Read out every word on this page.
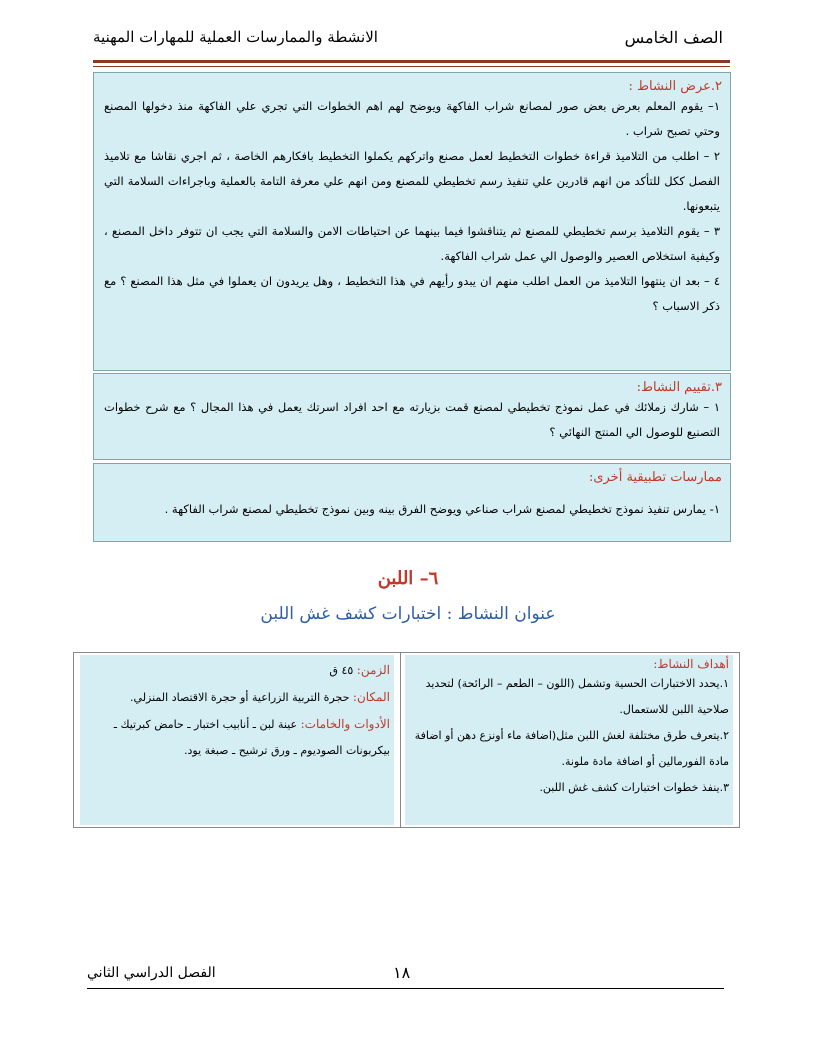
الصف الخامس
الانشطة والممارسات العملية للمهارات المهنية
٢.عرض النشاط :
١– يقوم المعلم بعرض بعض صور لمصانع شراب الفاكهة ويوضح لهم اهم الخطوات التي تجري علي الفاكهة منذ دخولها المصنع وحتي تصبح شراب .
٢ – اطلب من التلاميذ قراءة خطوات التخطيط لعمل مصنع واتركهم يكملوا التخطيط بافكارهم الخاصة ، ثم اجري نقاشا مع تلاميذ الفصل ككل للتأكد من انهم قادرين علي تنفيذ رسم تخطيطي للمصنع ومن انهم علي معرفة التامة بالعملية وباجراءات السلامة التي يتبعونها.
٣ – يقوم التلاميذ برسم تخطيطي للمصنع ثم يتناقشوا فيما بينهما عن احتياطات الامن والسلامة التي يجب ان تتوفر داخل المصنع ، وكيفية استخلاص العصير والوصول الي عمل شراب الفاكهة.
٤ – بعد ان ينتهوا التلاميذ من العمل اطلب منهم ان يبدو رأيهم في هذا التخطيط ، وهل يريدون ان يعملوا في مثل هذا المصنع ؟ مع ذكر الاسباب ؟
٣.تقييم النشاط:
١ – شارك زملائك في عمل نموذج تخطيطي لمصنع قمت بزيارته مع احد افراد اسرتك يعمل في هذا المجال ؟ مع شرح خطوات التصنيع للوصول الي المنتج النهائي ؟
ممارسات تطبيقية أخرى:
١- يمارس تنفيذ نموذج تخطيطي لمصنع شراب صناعي ويوضح الفرق بينه وبين نموذج تخطيطي لمصنع شراب الفاكهة .
٦– اللبن
عنوان النشاط : اختبارات كشف غش اللبن
أهداف النشاط:
١.يحدد الاختبارات الحسية وتشمل (اللون – الطعم – الرائحة) لتحديد صلاحية اللبن للاستعمال.
٢.يتعرف طرق مختلفة لغش اللبن مثل(اضافة ماء أونزع دهن أو اضافة مادة الفورمالين أو اضافة مادة ملونة.
٣.ينفذ خطوات اختبارات كشف غش اللبن.
الزمن: ٤٥ ق
المكان: حجرة التربية الزراعية أو حجرة الاقتصاد المنزلي.
الأدوات والخامات: عينة لبن ـ أنابيب اختبار ـ حامض كبرتيك ـ بيكربونات الصوديوم ـ ورق ترشيح ـ صبغة يود.
الفصل الدراسي الثاني	١٨
